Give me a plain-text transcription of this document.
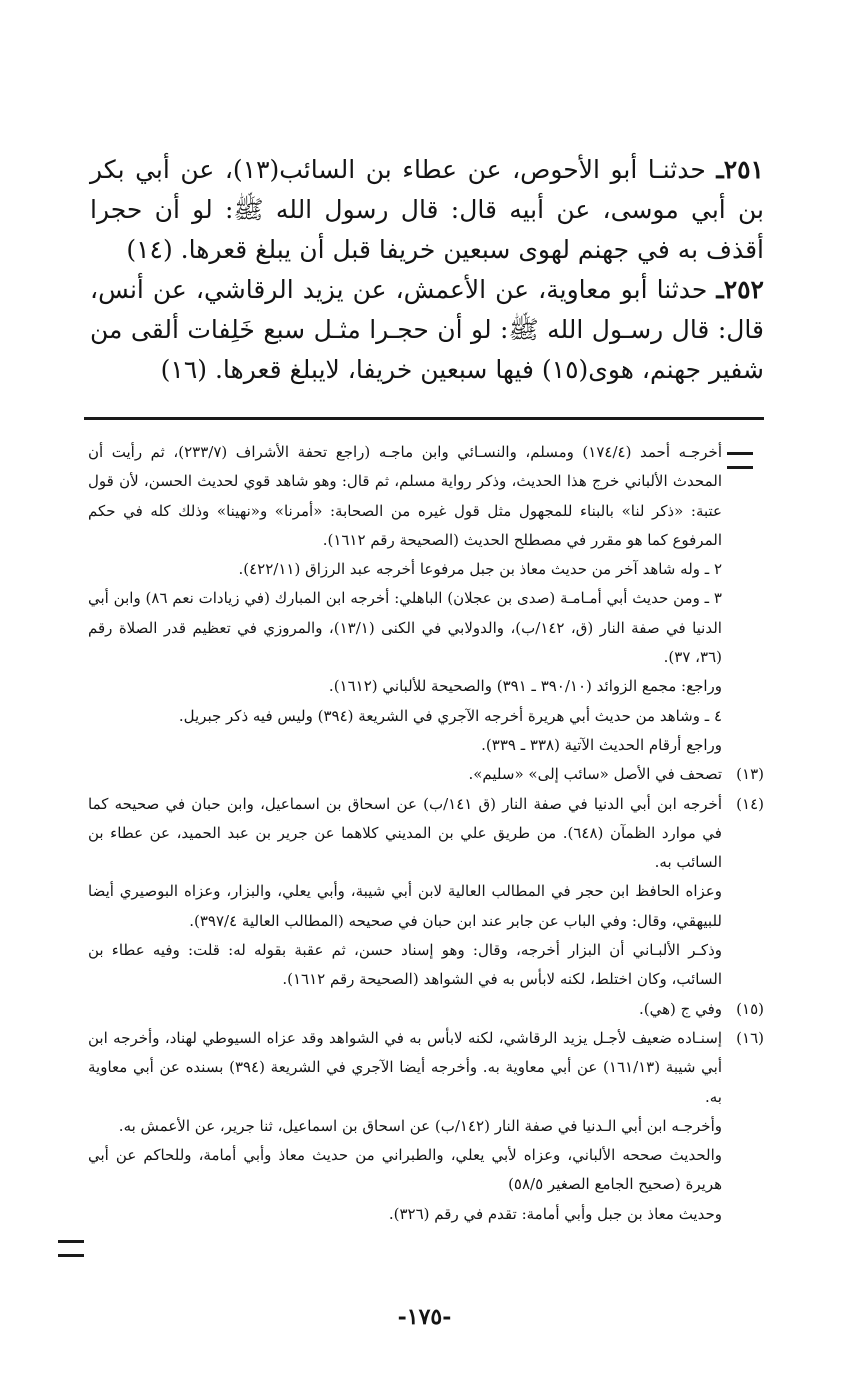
٢٥١ـ حدثنـا أبو الأحوص، عن عطاء بن السائب(١٣)، عن أبي بكر بن أبي موسى، عن أبيه قال: قال رسول الله ﷺ: لو أن حجرا أقذف به في جهنم لهوى سبعين خريفا قبل أن يبلغ قعرها. (١٤)

٢٥٢ـ حدثنا أبو معاوية، عن الأعمش، عن يزيد الرقاشي، عن أنس، قال: قال رسـول الله ﷺ: لو أن حجـرا مثـل سبع خَلِفات ألقى من شفير جهنم، هوى(١٥) فيها سبعين خريفا، لايبلغ قعرها. (١٦)

أخرجـه أحمد (١٧٤/٤) ومسلم، والنسـائي وابن ماجـه (راجع تحفة الأشراف (٢٣٣/٧)، ثم رأيت أن المحدث الألباني خرج هذا الحديث، وذكر رواية مسلم، ثم قال: وهو شاهد قوي لحديث الحسن، لأن قول عتبة: «ذكر لنا» بالبناء للمجهول مثل قول غيره من الصحابة: «أمرنا» و«نهينا» وذلك كله في حكم المرفوع كما هو مقرر في مصطلح الحديث (الصحيحة رقم ١٦١٢).

٢ ـ وله شاهد آخر من حديث معاذ بن جبل مرفوعا أخرجه عبد الرزاق (٤٢٢/١١).

٣ ـ ومن حديث أبي أمـامـة (صدى بن عجلان) الباهلي: أخرجه ابن المبارك (في زيادات نعم ٨٦) وابن أبي الدنيا في صفة النار (ق، ١٤٢/ب)، والدولابي في الكنى (١٣/١)، والمروزي في تعظيم قدر الصلاة رقم (٣٦، ٣٧).

وراجع: مجمع الزوائد (٣٩٠/١٠ ـ ٣٩١) والصحيحة للألباني (١٦١٢).

٤ ـ وشاهد من حديث أبي هريرة أخرجه الآجري في الشريعة (٣٩٤) وليس فيه ذكر جبريل.

وراجع أرقام الحديث الآتية (٣٣٨ ـ ٣٣٩).

(١٣)

تصحف في الأصل «سائب إلى» «سليم».

(١٤)

أخرجه ابن أبي الدنيا في صفة النار (ق ١٤١/ب) عن اسحاق بن اسماعيل، وابن حبان في صحيحه كما في موارد الظمآن (٦٤٨). من طريق علي بن المديني كلاهما عن جرير بن عبد الحميد، عن عطاء بن السائب به.

وعزاه الحافظ ابن حجر في المطالب العالية لابن أبي شيبة، وأبي يعلي، والبزار، وعزاه البوصيري أيضا للبيهقي، وقال: وفي الباب عن جابر عند ابن حبان في صحيحه (المطالب العالية ٣٩٧/٤).

وذكـر الألبـاني أن البزار أخرجه، وقال: وهو إسناد حسن، ثم عقبة بقوله له: قلت: وفيه عطاء بن السائب، وكان اختلط، لكنه لابأس به في الشواهد (الصحيحة رقم ١٦١٢).

(١٥)

وفي ج (هي).

(١٦)

إسنـاده ضعيف لأجـل يزيد الرقاشي، لكنه لابأس به في الشواهد وقد عزاه السيوطي لهناد، وأخرجه ابن أبي شيبة (١٦١/١٣) عن أبي معاوية به. وأخرجه أيضا الآجري في الشريعة (٣٩٤) بسنده عن أبي معاوية به.

وأخرجـه ابن أبي الـدنيا في صفة النار (١٤٢/ب) عن اسحاق بن اسماعيل، ثنا جرير، عن الأعمش به.

والحديث صححه الألباني، وعزاه لأبي يعلي، والطبراني من حديث معاذ وأبي أمامة، وللحاكم عن أبي هريرة (صحيح الجامع الصغير ٥٨/٥)

وحديث معاذ بن جبل وأبي أمامة: تقدم في رقم (٣٢٦).

-١٧٥-
